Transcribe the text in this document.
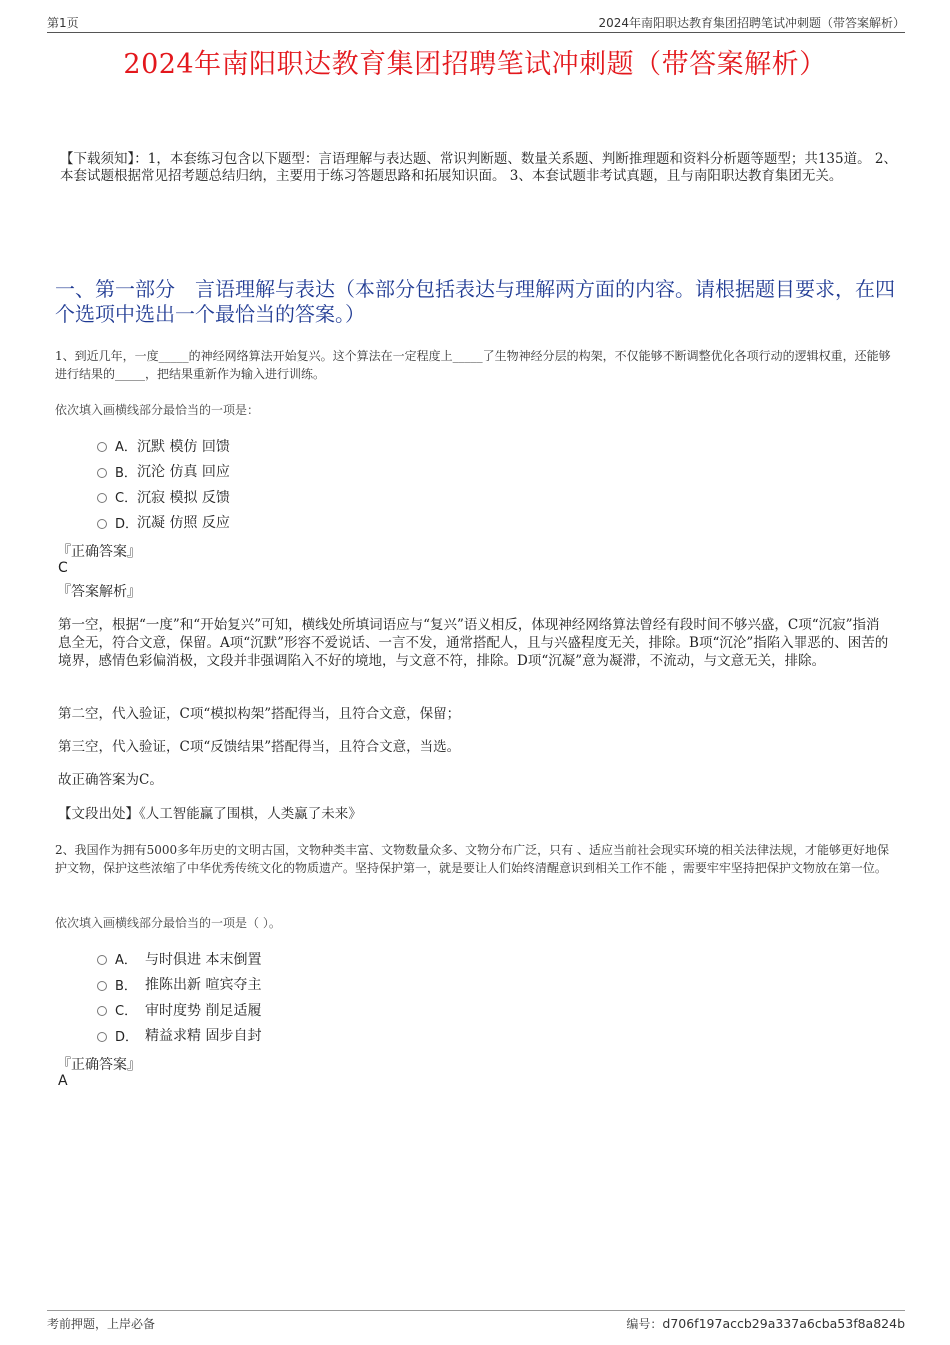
第1页	2024年南阳职达教育集团招聘笔试冲刺题（带答案解析）
2024年南阳职达教育集团招聘笔试冲刺题（带答案解析）
【下载须知】：1，本套练习包含以下题型：言语理解与表达题、常识判断题、数量关系题、判断推理题和资料分析题等题型；共135道。 2、本套试题根据常见招考题总结归纳，主要用于练习答题思路和拓展知识面。 3、本套试题非考试真题，且与南阳职达教育集团无关。
一、第一部分　言语理解与表达（本部分包括表达与理解两方面的内容。请根据题目要求，在四个选项中选出一个最恰当的答案。）
1、到近几年，一度_____的神经网络算法开始复兴。这个算法在一定程度上_____了生物神经分层的构架，不仅能够不断调整优化各项行动的逻辑权重，还能够进行结果的_____，把结果重新作为输入进行训练。
依次填入画横线部分最恰当的一项是：
A． 沉默 模仿 回馈
B． 沉沦 仿真 回应
C． 沉寂 模拟 反馈
D．
沉凝 仿照 反应
『正确答案』
C
『答案解析』
第一空，根据“一度”和“开始复兴”可知，横线处所填词语应与“复兴”语义相反，体现神经网络算法曾经有段时间不够兴盛，C项“沉寂”指消息全无，符合文意，保留。A项“沉默”形容不爱说话、一言不发，通常搭配人，且与兴盛程度无关，排除。B项“沉沦”指陷入罪恶的、困苦的境界，感情色彩偏消极，文段并非强调陷入不好的境地，与文意不符，排除。D项“沉凝”意为凝滞，不流动，与文意无关，排除。
第二空，代入验证，C项“模拟构架”搭配得当，且符合文意，保留；
第三空，代入验证，C项“反馈结果”搭配得当，且符合文意，当选。
故正确答案为C。
【文段出处】《人工智能赢了围棋，人类赢了未来》
2、我国作为拥有5000多年历史的文明古国，文物种类丰富、文物数量众多、文物分布广泛，只有 、适应当前社会现实环境的相关法律法规，才能够更好地保护文物，保护这些浓缩了中华优秀传统文化的物质遗产。坚持保护第一，就是要让人们始终清醒意识到相关工作不能 ，需要牢牢坚持把保护文物放在第一位。
依次填入画横线部分最恰当的一项是（ ）。
A． 与时俱进 本末倒置
B． 推陈出新 喧宾夺主
C． 审时度势 削足适履
D． 精益求精 固步自封
『正确答案』
A
考前押题，上岸必备	编号：d706f197accb29a337a6cba53f8a824b
